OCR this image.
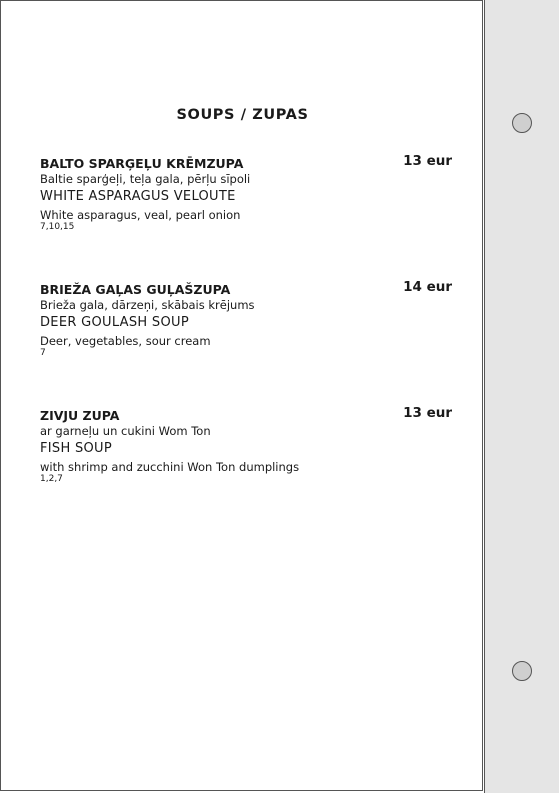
SOUPS / ZUPAS
BALTO SPARĢEĻU KRĒMZUPA	13 eur
Baltie sparģeļi, teļa gala, pērļu sīpoli
WHITE ASPARAGUS VELOUTE
White asparagus, veal, pearl onion
7,10,15
BRIEŽA GAĻAS GUĻAŠZUPA	14 eur
Brieža gala, dārzeņi, skābais krējums
DEER GOULASH SOUP
Deer, vegetables, sour cream
7
ZIVJU ZUPA	13 eur
ar garneļu un cukini Wom Ton
FISH SOUP
with shrimp and zucchini Won Ton dumplings
1,2,7
